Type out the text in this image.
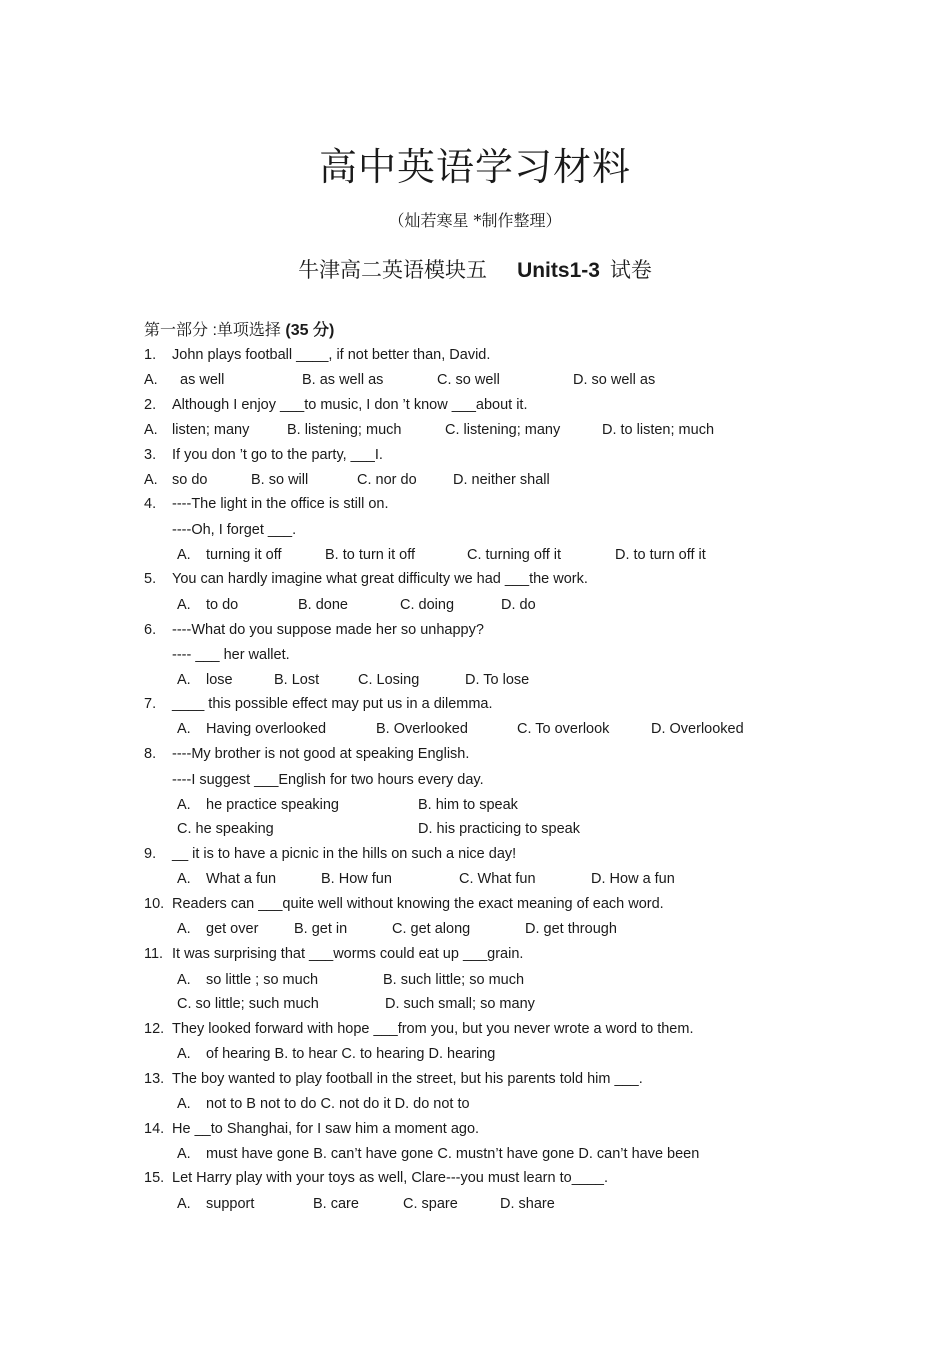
高中英语学习材料
（灿若寒星 *制作整理）
牛津高二英语模块五 Units1-3 试卷
第一部分 :单项选择 (35 分)
1. John plays football ____, if not better than, David.
A. as well	B. as well as	C. so well	D. so well as
2. Although I enjoy ___to music, I don ’t know ___about it.
A. listen; many	B. listening; much	C. listening; many	D. to listen; much
3. If you don ’t go to the party, ___I.
A. so do	B. so will	C. nor do	D. neither shall
4. ----The light in the office is still on.
----Oh, I forget ___.
A. turning it off	B. to turn it off	C. turning off it	D. to turn off it
5. You can hardly imagine what great difficulty we had ___the work.
A. to do	B. done	C. doing	D. do
6. ----What do you suppose made her so unhappy?
---- ___ her wallet.
A. lose	B. Lost	C. Losing	D. To lose
7. ____ this possible effect may put us in a dilemma.
A. Having overlooked	B. Overlooked	C. To overlook	D. Overlooked
8. ----My brother is not good at speaking English.
----I suggest ___English for two hours every day.
A. he practice speaking	B. him to speak
C. he speaking	D. his practicing to speak
9. __ it is to have a picnic in the hills on such a nice day!
A. What a fun	B. How fun	C. What fun	D. How a fun
10. Readers can ___quite well without knowing the exact meaning of each word.
A. get over B. get in	C. get along	D. get through
11. It was surprising that ___worms could eat up ___grain.
A. so little ; so much	B. such little; so much
C. so little; such much	D. such small; so many
12. They looked forward with hope ___from you, but you never wrote a word to them.
A. of hearing B. to hear C. to hearing D. hearing
13. The boy wanted to play football in the street, but his parents told him ___.
A. not to B not to do C. not do it D. do not to
14. He __to Shanghai, for I saw him a moment ago.
A. must have gone B. can’t have gone C. mustn’t have gone D. can’t have been
15. Let Harry play with your toys as well, Clare---you must learn to____.
A. support	B. care	C. spare	D. share
